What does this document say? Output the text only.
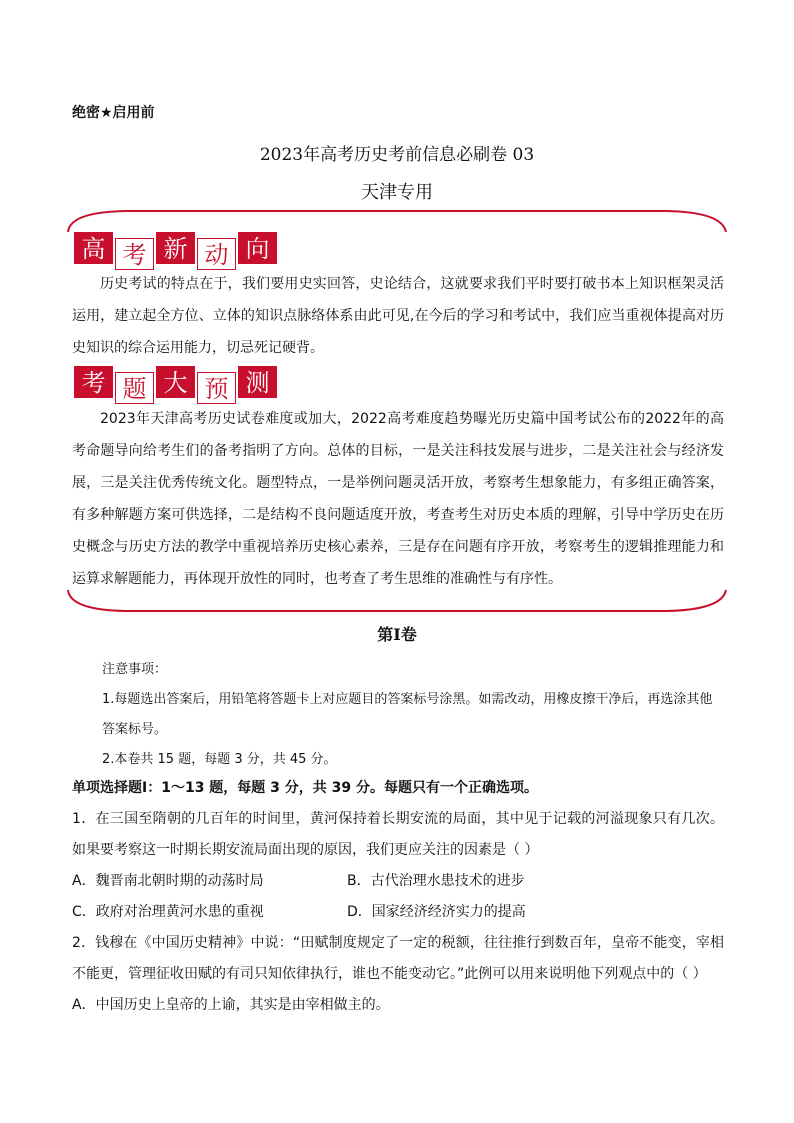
绝密★启用前
2023年高考历史考前信息必刷卷 03
天津专用
高 考 新 动 向
历史考试的特点在于，我们要用史实回答，史论结合，这就要求我们平时要打破书本上知识框架灵活运用，建立起全方位、立体的知识点脉络体系由此可见,在今后的学习和考试中，我们应当重视体提高对历史知识的综合运用能力，切忌死记硬背。
考 题 大 预 测
2023年天津高考历史试卷难度或加大，2022高考难度趋势曝光历史篇中国考试公布的2022年的高考命题导向给考生们的备考指明了方向。总体的目标，一是关注科技发展与进步，二是关注社会与经济发展，三是关注优秀传统文化。题型特点，一是举例问题灵活开放，考察考生想象能力，有多组正确答案，有多种解题方案可供选择，二是结构不良问题适度开放，考查考生对历史本质的理解，引导中学历史在历史概念与历史方法的教学中重视培养历史核心素养，三是存在问题有序开放，考察考生的逻辑推理能力和运算求解题能力，再体现开放性的同时，也考查了考生思维的准确性与有序性。
第Ⅰ卷

注意事项：

1.每题选出答案后，用铅笔将答题卡上对应题目的答案标号涂黑。如需改动，用橡皮擦干净后，再选涂其他答案标号。

2.本卷共 15 题，每题 3 分，共 45 分。

单项选择题Ⅰ：1～13 题，每题 3 分，共 39 分。每题只有一个正确选项。

1．在三国至隋朝的几百年的时间里，黄河保持着长期安流的局面，其中见于记载的河溢现象只有几次。如果要考察这一时期长期安流局面出现的原因，我们更应关注的因素是（ ）

A．魏晋南北朝时期的动荡时局	B．古代治理水患技术的进步
C．政府对治理黄河水患的重视	D．国家经济经济实力的提高

2．钱穆在《中国历史精神》中说：“田赋制度规定了一定的税额，往往推行到数百年，皇帝不能变，宰相不能更，管理征收田赋的有司只知依律执行，谁也不能变动它。”此例可以用来说明他下列观点中的（ ）

A．中国历史上皇帝的上谕，其实是由宰相做主的。
